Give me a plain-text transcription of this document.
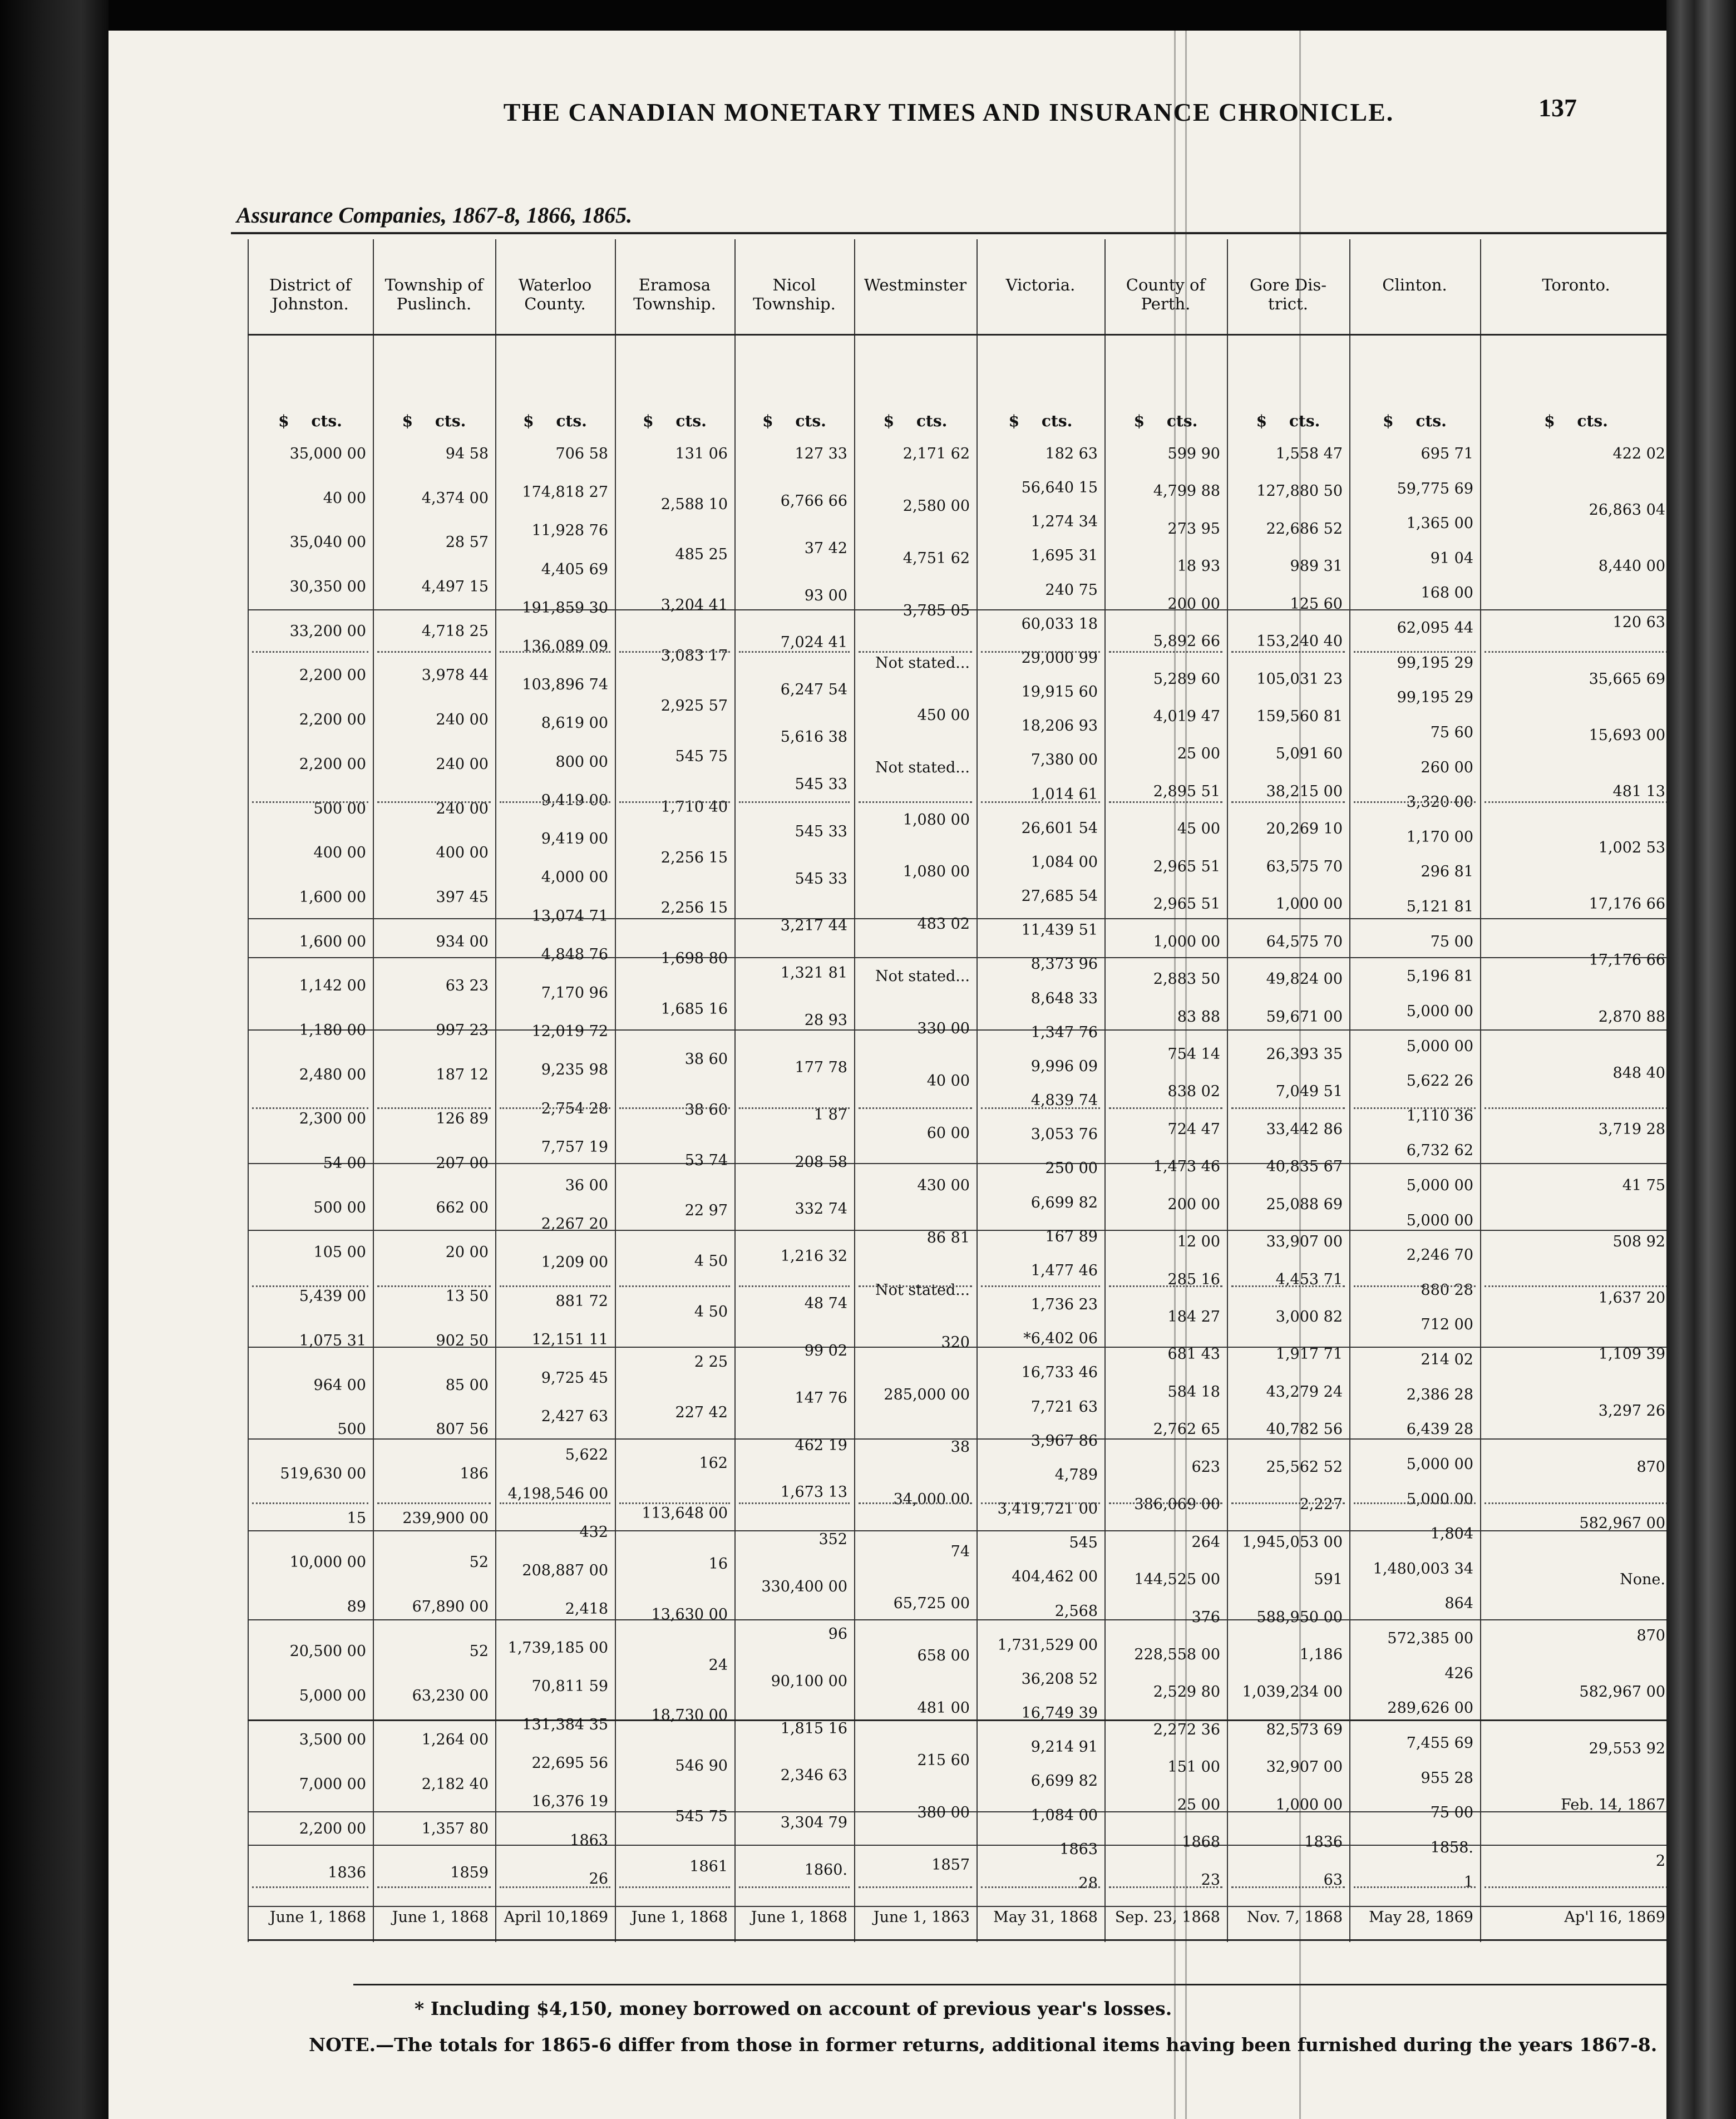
THE CANADIAN MONETARY TIMES AND INSURANCE CHRONICLE.	137
Assurance Companies, 1867-8, 1866, 1865.
District of
Johnston.
$ cts.
35,000 00
40 00
35,040 00
30,350 00
33,200 00
2,200 00
2,200 00
2,200 00
500 00
400 00
1,600 00
1,600 00
1,142 00
1,180 00
2,480 00
2,300 00
54 00
500 00
105 00
5,439 00
1,075 31
964 00
500
519,630 00
15
10,000 00
89
20,500 00
5,000 00
3,500 00
7,000 00
2,200 00
1836
June 1, 1868
Township of
Puslinch.
$ cts.
94 58
4,374 00
28 57
4,497 15
4,718 25
3,978 44
240 00
240 00
240 00
400 00
397 45
934 00
63 23
997 23
187 12
126 89
207 00
662 00
20 00
13 50
902 50
85 00
807 56
186
239,900 00
52
67,890 00
52
63,230 00
1,264 00
2,182 40
1,357 80
1859
June 1, 1868
Waterloo
County.
$ cts.
706 58
174,818 27
11,928 76
4,405 69
191,859 30
136,089 09
103,896 74
8,619 00
800 00
9,419 00
9,419 00
4,000 00
13,074 71
4,848 76
7,170 96
12,019 72
9,235 98
2,754 28
7,757 19
36 00
2,267 20
1,209 00
881 72
12,151 11
9,725 45
2,427 63
5,622
4,198,546 00
432
208,887 00
2,418
1,739,185 00
70,811 59
131,384 35
22,695 56
16,376 19
1863
26
April 10,1869
Eramosa
Township.
$ cts.
131 06
2,588 10
485 25
3,204 41
3,083 17
2,925 57
545 75
1,710 40
2,256 15
2,256 15
1,698 80
1,685 16
38 60
38 60
53 74
22 97
4 50
4 50
2 25
227 42
162
113,648 00
16
13,630 00
24
18,730 00
546 90
545 75
1861
June 1, 1868
Nicol
Township.
$ cts.
127 33
6,766 66
37 42
93 00
7,024 41
6,247 54
5,616 38
545 33
545 33
545 33
3,217 44
1,321 81
28 93
177 78
1 87
208 58
332 74
1,216 32
48 74
99 02
147 76
462 19
1,673 13
352
330,400 00
96
90,100 00
1,815 16
2,346 63
3,304 79
1860.
June 1, 1868
Westminster
$ cts.
2,171 62
2,580 00
4,751 62
3,785 05
Not stated...
450 00
Not stated...
1,080 00
1,080 00
483 02
Not stated...
330 00
40 00
60 00
430 00
86 81
Not stated...
320
285,000 00
38
34,000 00
74
65,725 00
658 00
481 00
215 60
380 00
1857
June 1, 1863
Victoria.
$ cts.
182 63
56,640 15
1,274 34
1,695 31
240 75
60,033 18
29,000 99
19,915 60
18,206 93
7,380 00
1,014 61
26,601 54
1,084 00
27,685 54
11,439 51
8,373 96
8,648 33
1,347 76
9,996 09
4,839 74
3,053 76
250 00
6,699 82
167 89
1,477 46
1,736 23
*6,402 06
16,733 46
7,721 63
3,967 86
4,789
3,419,721 00
545
404,462 00
2,568
1,731,529 00
36,208 52
16,749 39
9,214 91
6,699 82
1,084 00
1863
28
May 31, 1868
County of
Perth.
$ cts.
599 90
4,799 88
273 95
18 93
200 00
5,892 66
5,289 60
4,019 47
25 00
2,895 51
45 00
2,965 51
2,965 51
1,000 00
2,883 50
83 88
754 14
838 02
724 47
1,473 46
200 00
12 00
285 16
184 27
681 43
584 18
2,762 65
623
386,069 00
264
144,525 00
376
228,558 00
2,529 80
2,272 36
151 00
25 00
1868
23
Sep. 23, 1868
Gore Dis-
trict.
$ cts.
1,558 47
127,880 50
22,686 52
989 31
125 60
153,240 40
105,031 23
159,560 81
5,091 60
38,215 00
20,269 10
63,575 70
1,000 00
64,575 70
49,824 00
59,671 00
26,393 35
7,049 51
33,442 86
40,835 67
25,088 69
33,907 00
4,453 71
3,000 82
1,917 71
43,279 24
40,782 56
25,562 52
2,227
1,945,053 00
591
588,950 00
1,186
1,039,234 00
82,573 69
32,907 00
1,000 00
1836
63
Nov. 7, 1868
Clinton.
$ cts.
695 71
59,775 69
1,365 00
91 04
168 00
62,095 44
99,195 29
99,195 29
75 60
260 00
3,320 00
1,170 00
296 81
5,121 81
75 00
5,196 81
5,000 00
5,000 00
5,622 26
1,110 36
6,732 62
5,000 00
5,000 00
2,246 70
880 28
712 00
214 02
2,386 28
6,439 28
5,000 00
5,000 00
1,804
1,480,003 34
864
572,385 00
426
289,626 00
7,455 69
955 28
75 00
1858.
1
May 28, 1869
Toronto.
$ cts.
422 02
26,863 04
8,440 00
120 63
35,665 69
15,693 00
481 13
1,002 53
17,176 66
17,176 66
2,870 88
848 40
3,719 28
41 75
508 92
1,637 20
1,109 39
3,297 26
870
582,967 00
None.
870
582,967 00
29,553 92
Feb. 14, 1867
2
Ap'l 16, 1869
* Including $4,150, money borrowed on account of previous year's losses.
NOTE.—The totals for 1865-6 differ from those in former returns, additional items having been furnished during the years 1867-8.
